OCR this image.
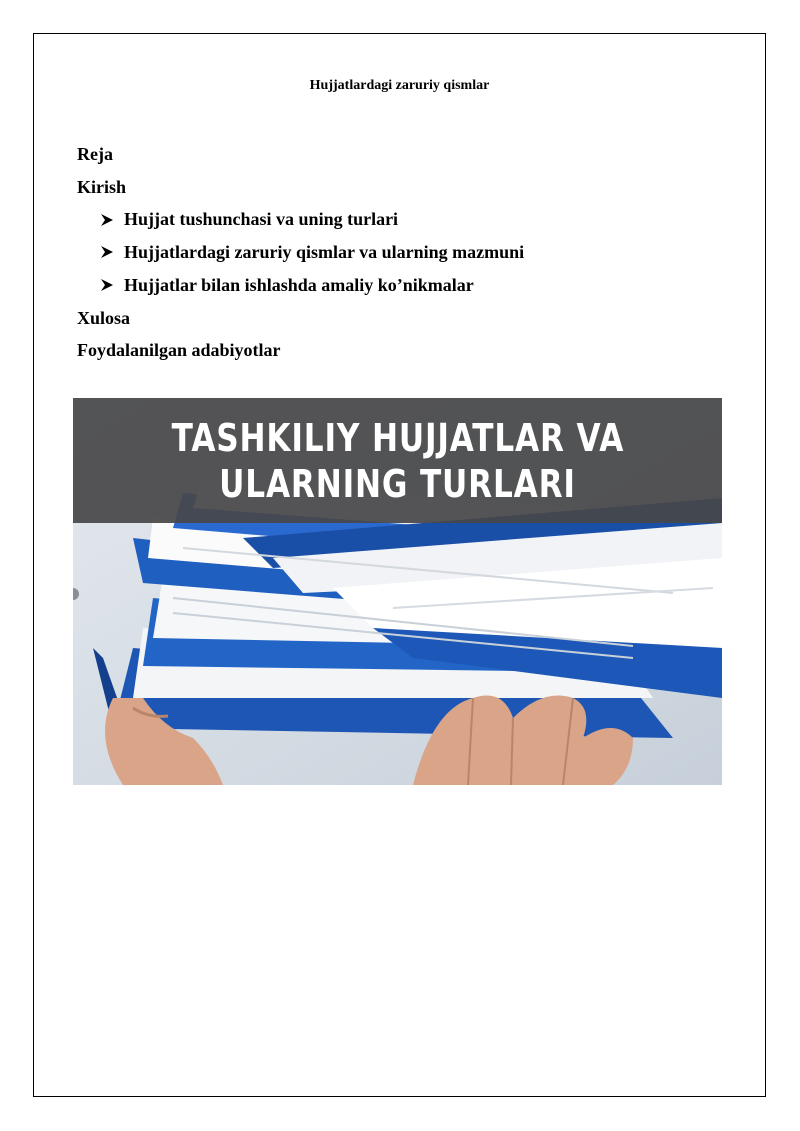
Hujjatlardagi zaruriy qismlar
Reja
Kirish
Hujjat tushunchasi va uning turlari
Hujjatlardagi zaruriy qismlar va ularning mazmuni
Hujjatlar bilan ishlashda amaliy ko’nikmalar
Xulosa
Foydalanilgan adabiyotlar
TASHKILIY HUJJATLAR VA
ULARNING TURLARI
